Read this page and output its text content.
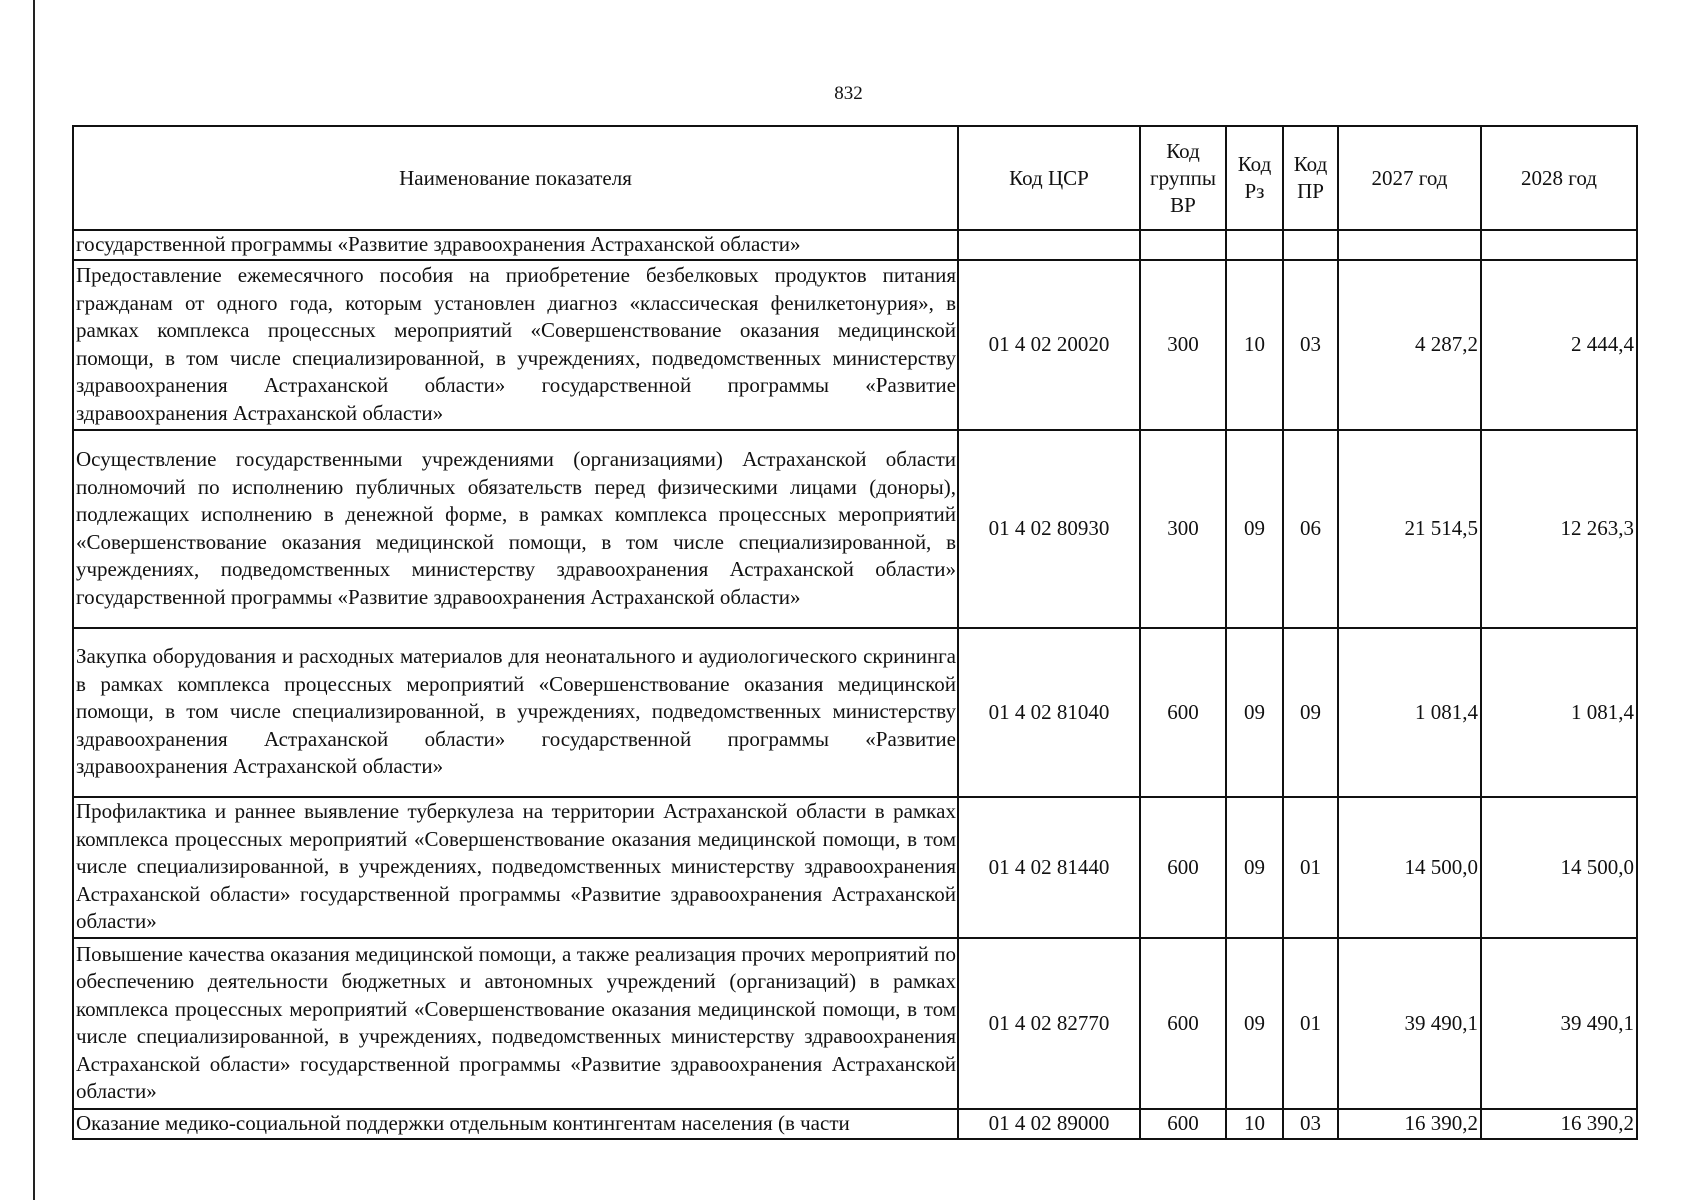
832
Наименование показателя	Код ЦСР	Код группы ВР	Код Рз	Код ПР	2027 год	2028 год
государственной программы «Развитие здравоохранения Астраханской области»						
Предоставление ежемесячного пособия на приобретение безбелковых продуктов питания гражданам от одного года, которым установлен диагноз «классическая фенилкетонурия», в рамках комплекса процессных мероприятий «Совершенствование оказания медицинской помощи, в том числе специализированной, в учреждениях, подведомственных министерству здравоохранения Астраханской области» государственной программы «Развитие здравоохранения Астраханской области»	01 4 02 20020	300	10	03	4 287,2	2 444,4
Осуществление государственными учреждениями (организациями) Астраханской области полномочий по исполнению публичных обязательств перед физическими лицами (доноры), подлежащих исполнению в денежной форме, в рамках комплекса процессных мероприятий «Совершенствование оказания медицинской помощи, в том числе специализированной, в учреждениях, подведомственных министерству здравоохранения Астраханской области» государственной программы «Развитие здравоохранения Астраханской области»	01 4 02 80930	300	09	06	21 514,5	12 263,3
Закупка оборудования и расходных материалов для неонатального и аудиологического скрининга в рамках комплекса процессных мероприятий «Совершенствование оказания медицинской помощи, в том числе специализированной, в учреждениях, подведомственных министерству здравоохранения Астраханской области» государственной программы «Развитие здравоохранения Астраханской области»	01 4 02 81040	600	09	09	1 081,4	1 081,4
Профилактика и раннее выявление туберкулеза на территории Астраханской области в рамках комплекса процессных мероприятий «Совершенствование оказания медицинской помощи, в том числе специализированной, в учреждениях, подведомственных министерству здравоохранения Астраханской области» государственной программы «Развитие здравоохранения Астраханской области»	01 4 02 81440	600	09	01	14 500,0	14 500,0
Повышение качества оказания медицинской помощи, а также реализация прочих мероприятий по обеспечению деятельности бюджетных и автономных учреждений (организаций) в рамках комплекса процессных мероприятий «Совершенствование оказания медицинской помощи, в том числе специализированной, в учреждениях, подведомственных министерству здравоохранения Астраханской области» государственной программы «Развитие здравоохранения Астраханской области»	01 4 02 82770	600	09	01	39 490,1	39 490,1
Оказание медико-социальной поддержки отдельным контингентам населения (в части	01 4 02 89000	600	10	03	16 390,2	16 390,2
